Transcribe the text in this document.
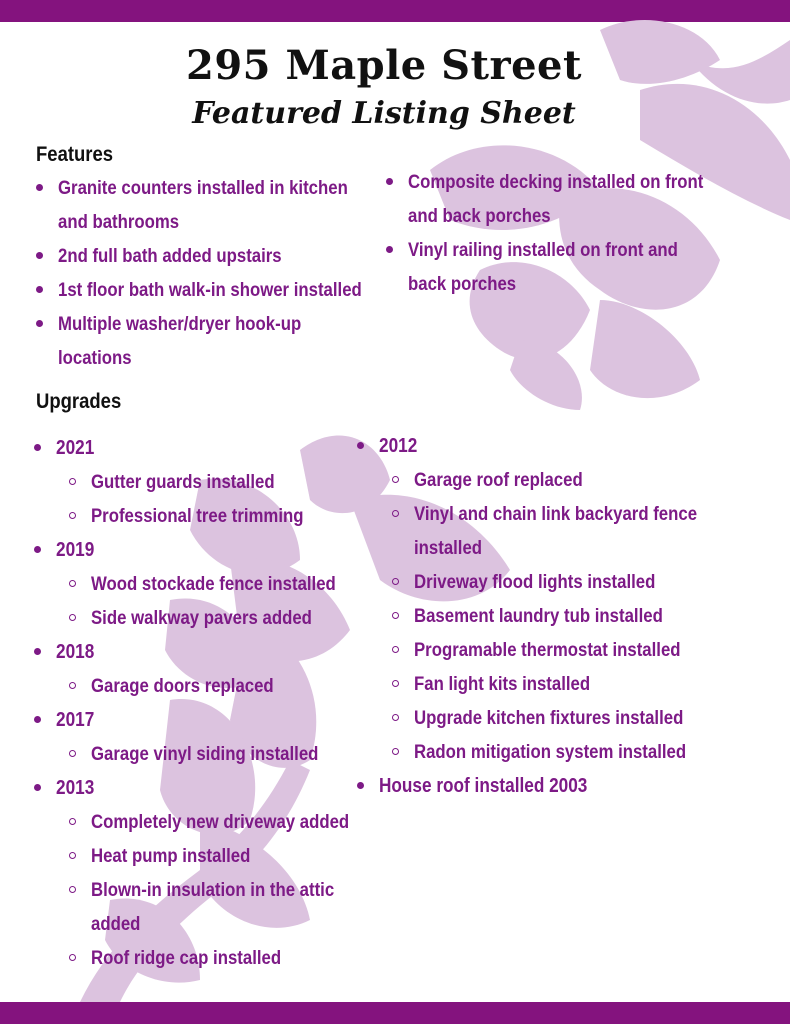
295 Maple Street
Featured Listing Sheet
Features
Granite counters installed in kitchen
and bathrooms
2nd full bath added upstairs
1st floor bath walk-in shower installed
Multiple washer/dryer hook-up
locations
Composite decking installed on front
and back porches
Vinyl railing installed on front and
back porches
Upgrades
2021
Gutter guards installed
Professional tree trimming
2019
Wood stockade fence installed
Side walkway pavers added
2018
Garage doors replaced
2017
Garage vinyl siding installed
2013
Completely new driveway added
Heat pump installed
Blown-in insulation in the attic
added
Roof ridge cap installed
2012
Garage roof replaced
Vinyl and chain link backyard fence
installed
Driveway flood lights installed
Basement laundry tub installed
Programable thermostat installed
Fan light kits installed
Upgrade kitchen fixtures installed
Radon mitigation system installed
House roof installed 2003
